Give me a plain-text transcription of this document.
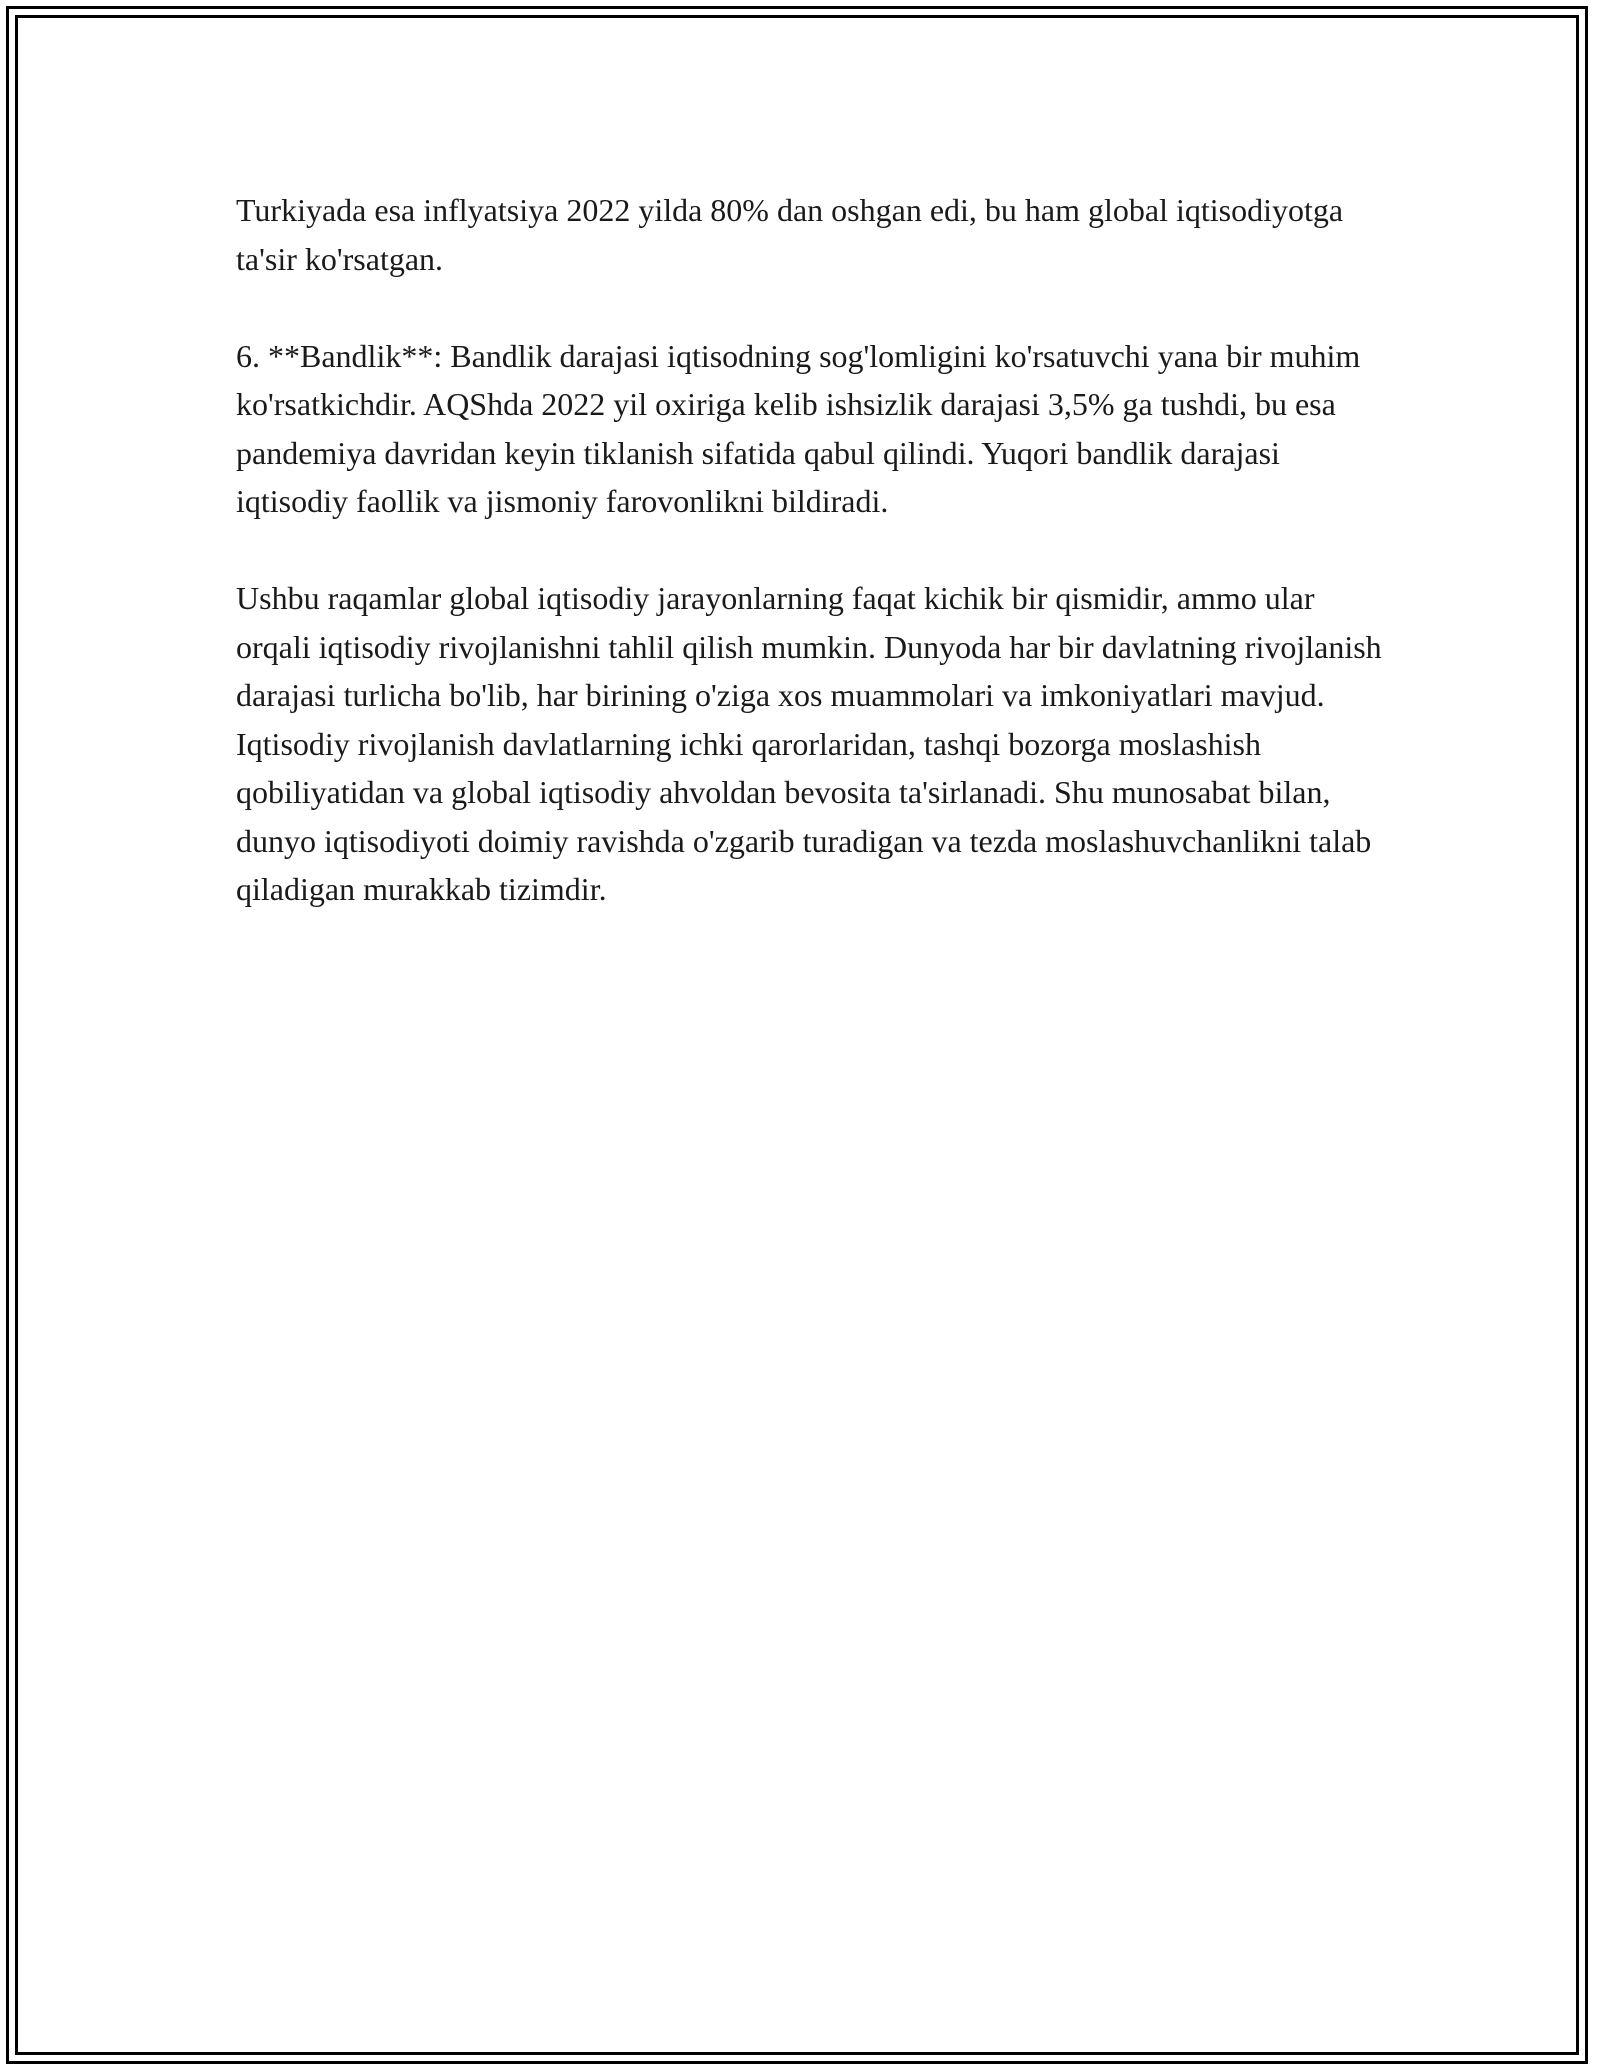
Turkiyada esa inflyatsiya 2022 yilda 80% dan oshgan edi, bu ham global iqtisodiyotga ta'sir ko'rsatgan.

6. **Bandlik**: Bandlik darajasi iqtisodning sog'lomligini ko'rsatuvchi yana bir muhim ko'rsatkichdir. AQShda 2022 yil oxiriga kelib ishsizlik darajasi 3,5% ga tushdi, bu esa pandemiya davridan keyin tiklanish sifatida qabul qilindi. Yuqori bandlik darajasi iqtisodiy faollik va jismoniy farovonlikni bildiradi.

Ushbu raqamlar global iqtisodiy jarayonlarning faqat kichik bir qismidir, ammo ular orqali iqtisodiy rivojlanishni tahlil qilish mumkin. Dunyoda har bir davlatning rivojlanish darajasi turlicha bo'lib, har birining o'ziga xos muammolari va imkoniyatlari mavjud. Iqtisodiy rivojlanish davlatlarning ichki qarorlaridan, tashqi bozorga moslashish qobiliyatidan va global iqtisodiy ahvoldan bevosita ta'sirlanadi. Shu munosabat bilan, dunyo iqtisodiyoti doimiy ravishda o'zgarib turadigan va tezda moslashuvchanlikni talab qiladigan murakkab tizimdir.
